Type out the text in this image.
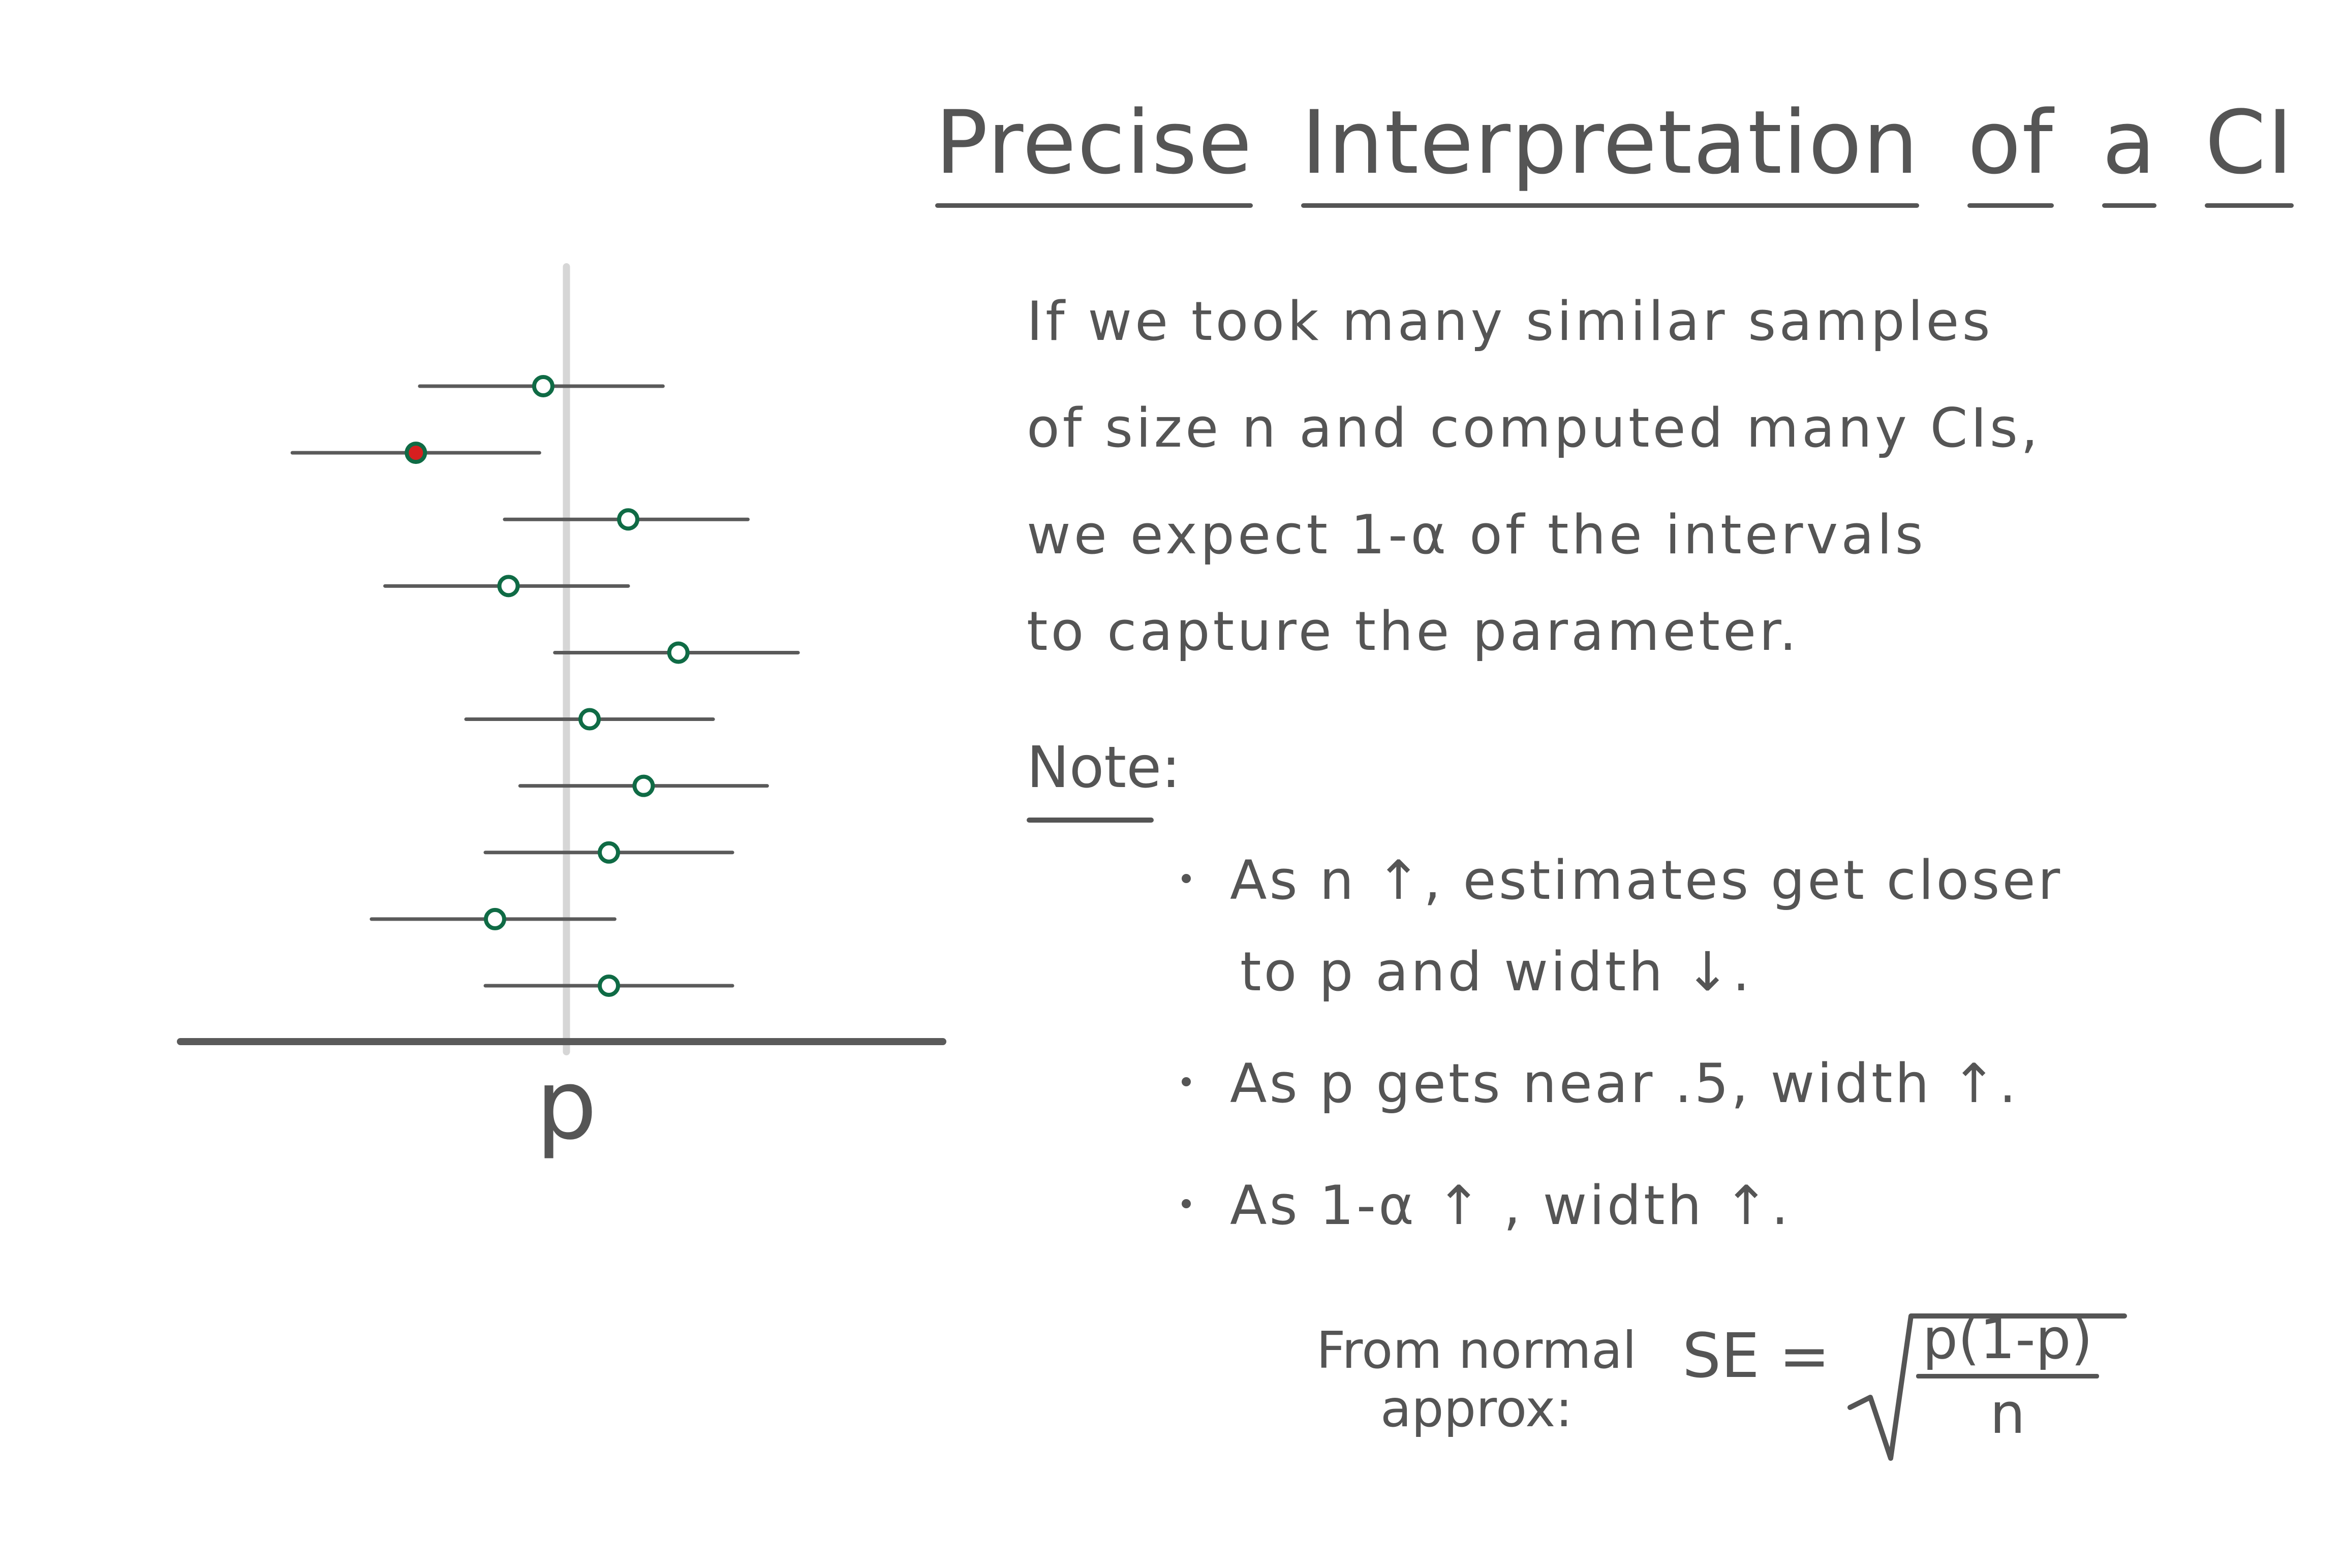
p
Precise Interpretation of a CI
If we took many similar samples
of size n and computed many CIs,
we expect 1-α of the intervals
to capture the parameter.
Note:
As n ↑, estimates get closer
to p and width ↓.
As p gets near .5, width ↑.
As 1-α ↑ , width ↑.
From normal
approx:
SE = p(1-p)
n
